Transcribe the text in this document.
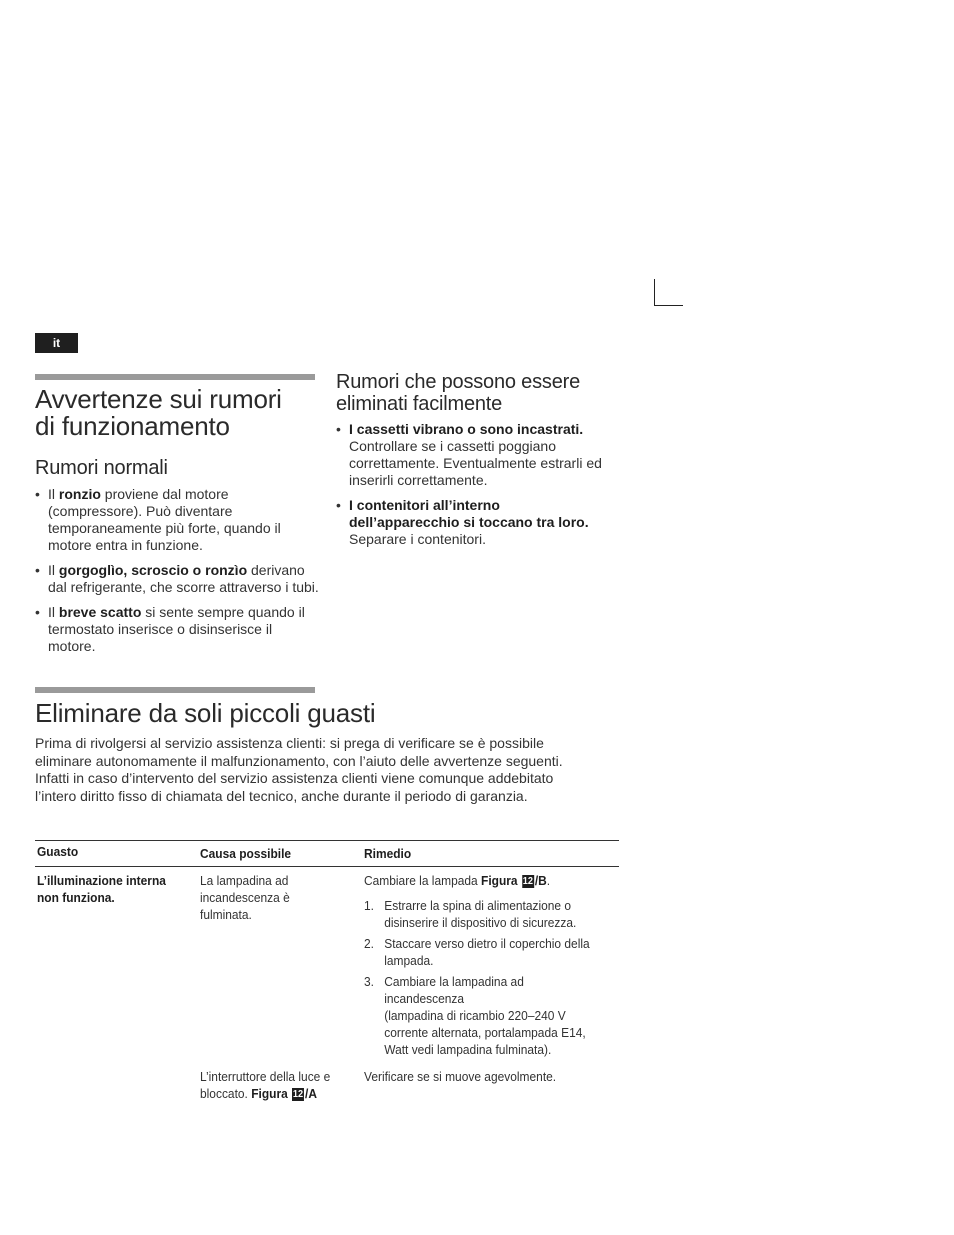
it
Avvertenze sui rumori
di funzionamento
Rumori normali
• Il ronzio proviene dal motore (compressore). Può diventare temporaneamente più forte, quando il motore entra in funzione.
• Il gorgoglìo, scroscio o ronzìo derivano dal refrigerante, che scorre attraverso i tubi.
• Il breve scatto si sente sempre quando il termostato inserisce o disinserisce il motore.
Rumori che possono essere
eliminati facilmente
• I cassetti vibrano o sono incastrati.
Controllare se i cassetti poggiano correttamente. Eventualmente estrarli ed inserirli correttamente.
• I contenitori all’interno
dell’apparecchio si toccano tra loro.
Separare i contenitori.
Eliminare da soli piccoli guasti
Prima di rivolgersi al servizio assistenza clienti: si prega di verificare se è possibile
eliminare autonomamente il malfunzionamento, con l’aiuto delle avvertenze seguenti.
Infatti in caso d’intervento del servizio assistenza clienti viene comunque addebitato
l’intero diritto fisso di chiamata del tecnico, anche durante il periodo di garanzia.
Guasto	Causa possibile	Rimedio
L’illuminazione interna
non funziona.
La lampadina ad
incandescenza è
fulminata.
Cambiare la lampada Figura 12 /B.
1. Estrarre la spina di alimentazione o
disinserire il dispositivo di sicurezza.
2. Staccare verso dietro il coperchio della
lampada.
3. Cambiare la lampadina ad
incandescenza
(lampadina di ricambio 220–240 V
corrente alternata, portalampada E14,
Watt vedi lampadina fulminata).
L’interruttore della luce e
bloccato. Figura 12 /A
Verificare se si muove agevolmente.
